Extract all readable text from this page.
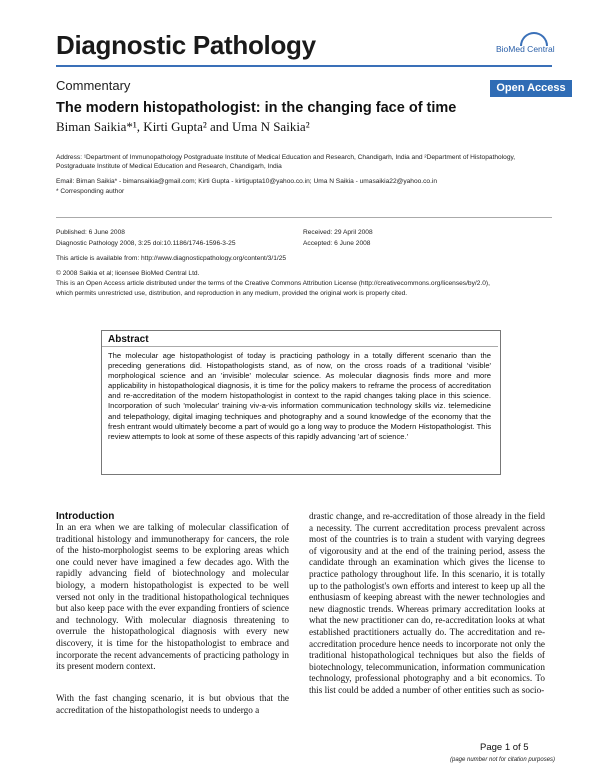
Diagnostic Pathology	BioMed Central
Commentary	Open Access
The modern histopathologist: in the changing face of time
Biman Saikia*¹, Kirti Gupta² and Uma N Saikia²
Address: ¹Department of Immunopathology Postgraduate Institute of Medical Education and Research, Chandigarh, India and ²Department of Histopathology, Postgraduate Institute of Medical Education and Research, Chandigarh, India
Email: Biman Saikia* - bimansaikia@gmail.com; Kirti Gupta - kirtigupta10@yahoo.co.in; Uma N Saikia - umasaikia22@yahoo.co.in
* Corresponding author
Published: 6 June 2008
Diagnostic Pathology 2008, 3:25 doi:10.1186/1746-1596-3-25
Received: 29 April 2008
Accepted: 6 June 2008
This article is available from: http://www.diagnosticpathology.org/content/3/1/25
© 2008 Saikia et al; licensee BioMed Central Ltd.
This is an Open Access article distributed under the terms of the Creative Commons Attribution License (http://creativecommons.org/licenses/by/2.0),
which permits unrestricted use, distribution, and reproduction in any medium, provided the original work is properly cited.
Abstract
The molecular age histopathologist of today is practicing pathology in a totally different scenario than the preceding generations did. Histopathologists stand, as of now, on the cross roads of a traditional 'visible' morphological science and an 'invisible' molecular science. As molecular diagnosis finds more and more applicability in histopathological diagnosis, it is time for the policy makers to reframe the process of accreditation and re-accreditation of the modern histopathologist in context to the rapid changes taking place in this science. Incorporation of such 'molecular' training viv-a-vis information communication technology skills viz. telemedicine and telepathology, digital imaging techniques and photography and a sound knowledge of the economy that the fresh entrant would ultimately become a part of would go a long way to produce the Modern Histopathologist. This review attempts to look at some of these aspects of this rapidly advancing 'art of science.'
Introduction
In an era when we are talking of molecular classification of traditional histology and immunotherapy for cancers, the role of the histo-morphologist seems to be exploring areas which one could never have imagined a few decades ago. With the rapidly advancing field of biotechnology and molecular biology, a modern histopathologist is expected to be well versed not only in the traditional histopathological techniques but also keep pace with the ever expanding frontiers of science and technology. With molecular diagnosis threatening to overrule the histopathological diagnosis with every new discovery, it is time for the histopathologist to embrace and incorporate the recent advancements of practicing pathology in its present modern context.
With the fast changing scenario, it is but obvious that the accreditation of the histopathologist needs to undergo a
drastic change, and re-accreditation of those already in the field a necessity. The current accreditation process prevalent across most of the countries is to train a student with varying degrees of vigorousity and at the end of the training period, assess the candidate through an examination which gives the license to practice pathology throughout life. In this scenario, it is totally up to the pathologist's own efforts and interest to keep up all the enthusiasm of keeping abreast with the newer technologies and new diagnostic trends. Whereas primary accreditation looks at what the new practitioner can do, re-accreditation looks at what established practitioners actually do. The accreditation and re-accreditation procedure hence needs to incorporate not only the traditional histopathological techniques but also the fields of biotechnology, telecommunication, information communication technology, professional photography and a bit economics. To this list could be added a number of other entities such as socio-
Page 1 of 5
(page number not for citation purposes)
